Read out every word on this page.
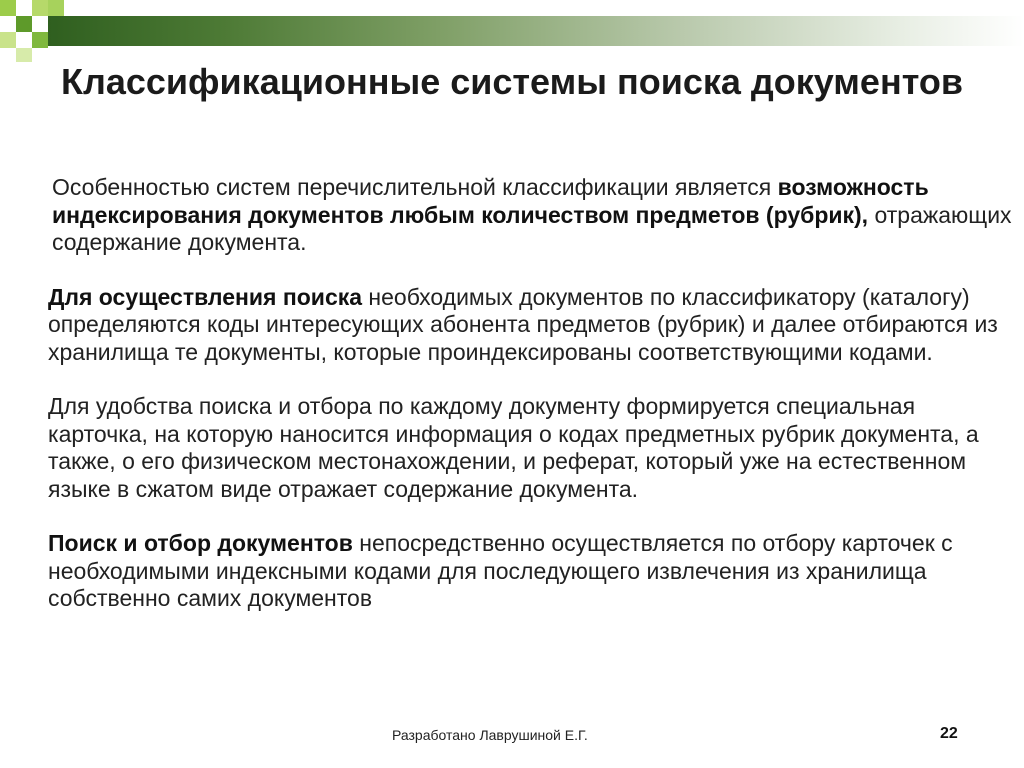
Классификационные системы поиска документов

Особенностью систем перечислительной классификации является возможность индексирования документов любым количеством предметов (рубрик), отражающих содержание документа.

Для осуществления поиска необходимых документов по классификатору (каталогу) определяются коды интересующих абонента предметов (рубрик) и далее отбираются из хранилища те документы, которые проиндексированы соответствующими кодами.

Для удобства поиска и отбора по каждому документу формируется специальная карточка, на которую наносится информация о кодах предметных рубрик документа, а также, о его физическом местонахождении, и реферат, который уже на естественном языке в сжатом виде отражает содержание документа.

Поиск и отбор документов непосредственно осуществляется по отбору карточек с необходимыми индексными кодами для последующего извлечения из хранилища собственно самих документов

Разработано Лаврушиной Е.Г.	22
